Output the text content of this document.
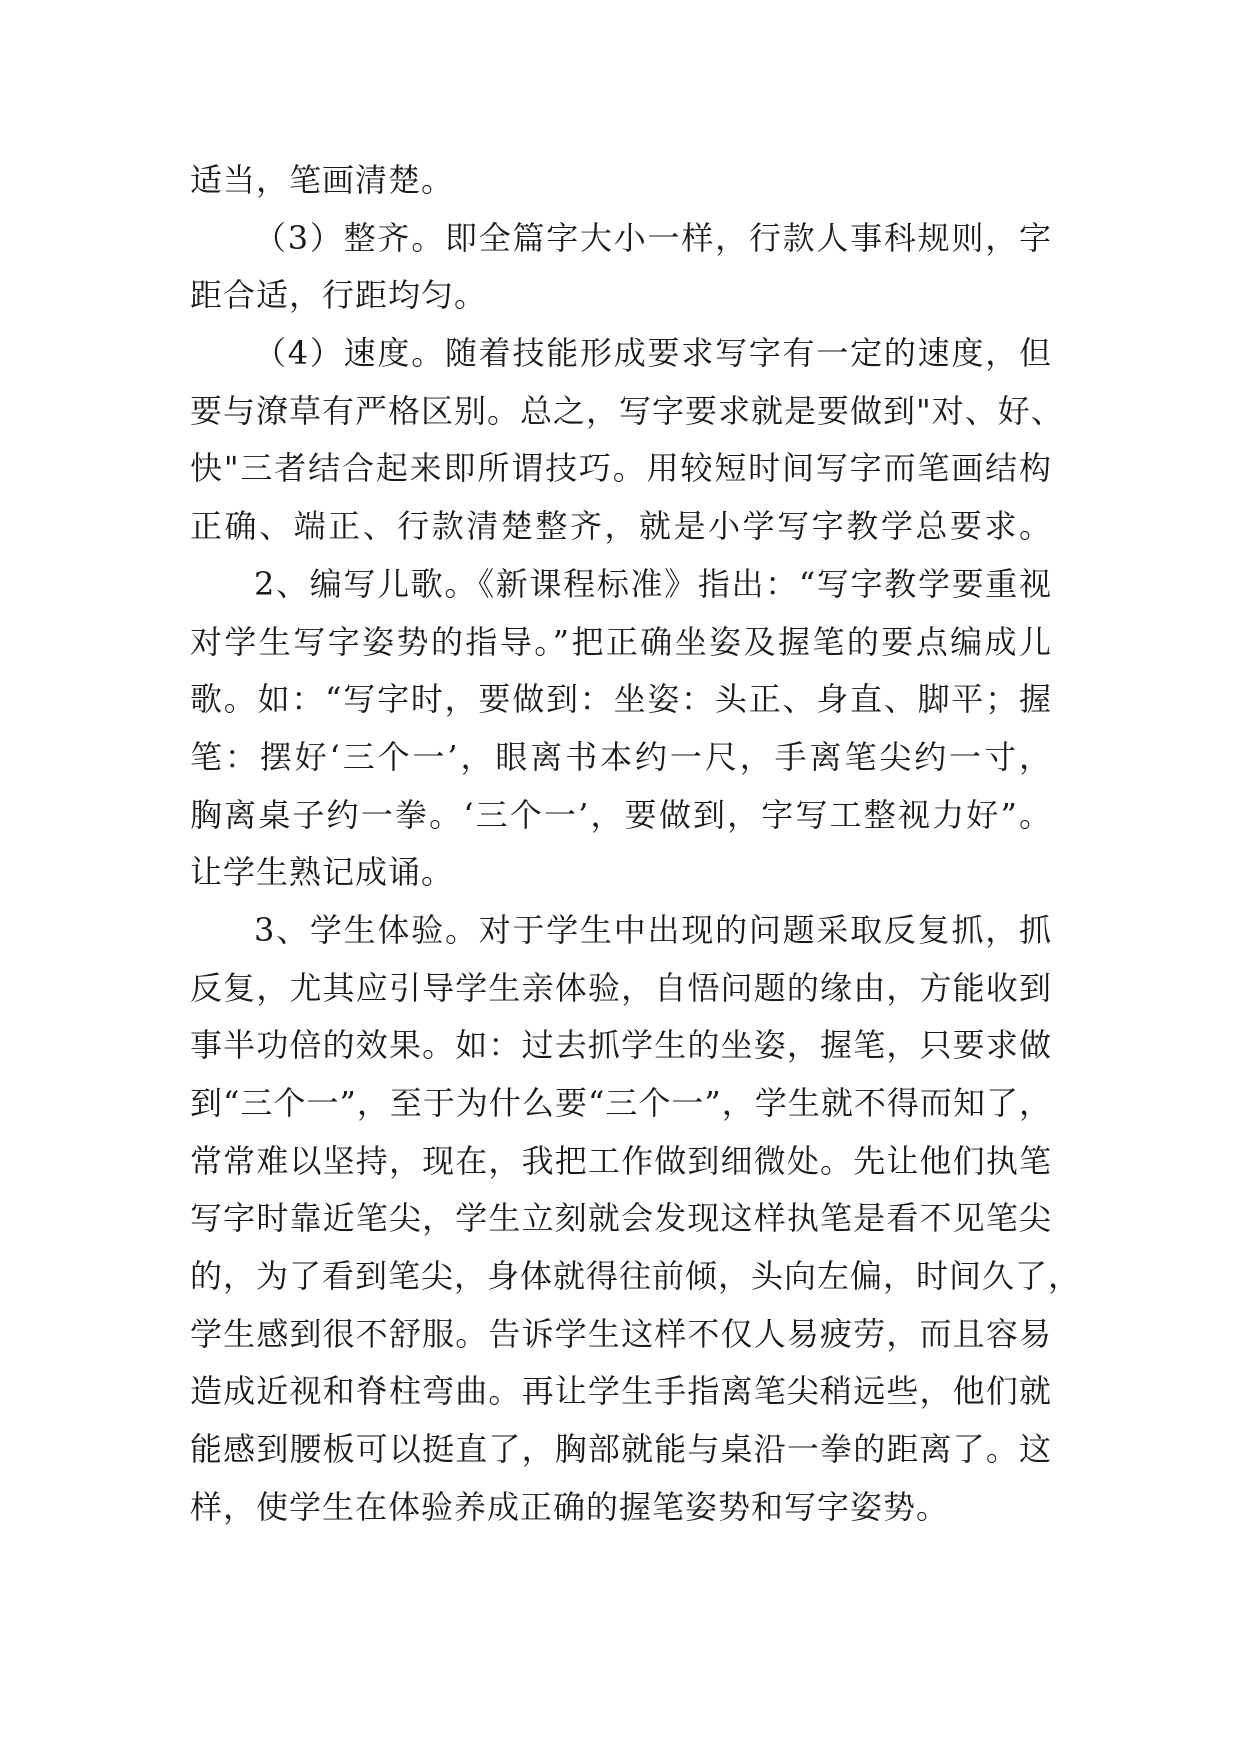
适当，笔画清楚。
（3）整齐。即全篇字大小一样，行款人事科规则，字
距合适，行距均匀。
（4）速度。随着技能形成要求写字有一定的速度，但
要与潦草有严格区别。总之，写字要求就是要做到"对、好、
快"三者结合起来即所谓技巧。用较短时间写字而笔画结构
正确、端正、行款清楚整齐，就是小学写字教学总要求。
2、编写儿歌。《新课程标准》指出：“写字教学要重视
对学生写字姿势的指导。”把正确坐姿及握笔的要点编成儿
歌。如：“写字时，要做到：坐姿：头正、身直、脚平；握
笔：摆好‘三个一’，眼离书本约一尺，手离笔尖约一寸，
胸离桌子约一拳。‘三个一’，要做到，字写工整视力好”。
让学生熟记成诵。
3、学生体验。对于学生中出现的问题采取反复抓，抓
反复，尤其应引导学生亲体验，自悟问题的缘由，方能收到
事半功倍的效果。如：过去抓学生的坐姿，握笔，只要求做
到“三个一”，至于为什么要“三个一”，学生就不得而知了，
常常难以坚持，现在，我把工作做到细微处。先让他们执笔
写字时靠近笔尖，学生立刻就会发现这样执笔是看不见笔尖
的，为了看到笔尖，身体就得往前倾，头向左偏，时间久了，
学生感到很不舒服。告诉学生这样不仅人易疲劳，而且容易
造成近视和脊柱弯曲。再让学生手指离笔尖稍远些，他们就
能感到腰板可以挺直了，胸部就能与桌沿一拳的距离了。这
样，使学生在体验养成正确的握笔姿势和写字姿势。
